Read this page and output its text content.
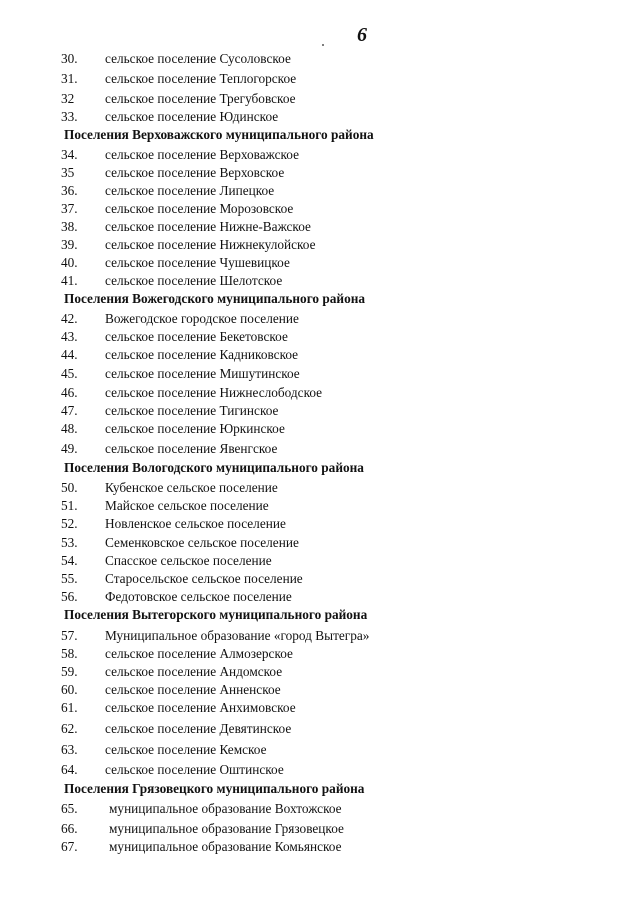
6
30. сельское поселение Сусоловское
31. сельское поселение Теплогорское
32 сельское поселение Трегубовское
33. сельское поселение Юдинское
Поселения Верховажского муниципального района
34. сельское поселение Верховажское
35 сельское поселение Верховское
36. сельское поселение Липецкое
37. сельское поселение Морозовское
38. сельское поселение Нижне-Важское
39. сельское поселение Нижнекулойское
40. сельское поселение Чушевицкое
41. сельское поселение Шелотское
Поселения Вожегодского муниципального района
42. Вожегодское городское поселение
43. сельское поселение Бекетовское
44. сельское поселение Кадниковское
45. сельское поселение Мишутинское
46. сельское поселение Нижнеслободское
47. сельское поселение Тигинское
48. сельское поселение Юркинское
49. сельское поселение Явенгское
Поселения Вологодского муниципального района
50. Кубенское сельское поселение
51. Майское сельское поселение
52. Новленское сельское поселение
53. Семенковское сельское поселение
54. Спасское сельское поселение
55. Старосельское сельское поселение
56. Федотовское сельское поселение
Поселения Вытегорского муниципального района
57. Муниципальное образование «город Вытегра»
58. сельское поселение Алмозерское
59. сельское поселение Андомское
60. сельское поселение Анненское
61. сельское поселение Анхимовское
62. сельское поселение Девятинское
63. сельское поселение Кемское
64. сельское поселение Оштинское
Поселения Грязовецкого муниципального района
65. муниципальное образование Вохтожское
66. муниципальное образование Грязовецкое
67. муниципальное образование Комьянское
